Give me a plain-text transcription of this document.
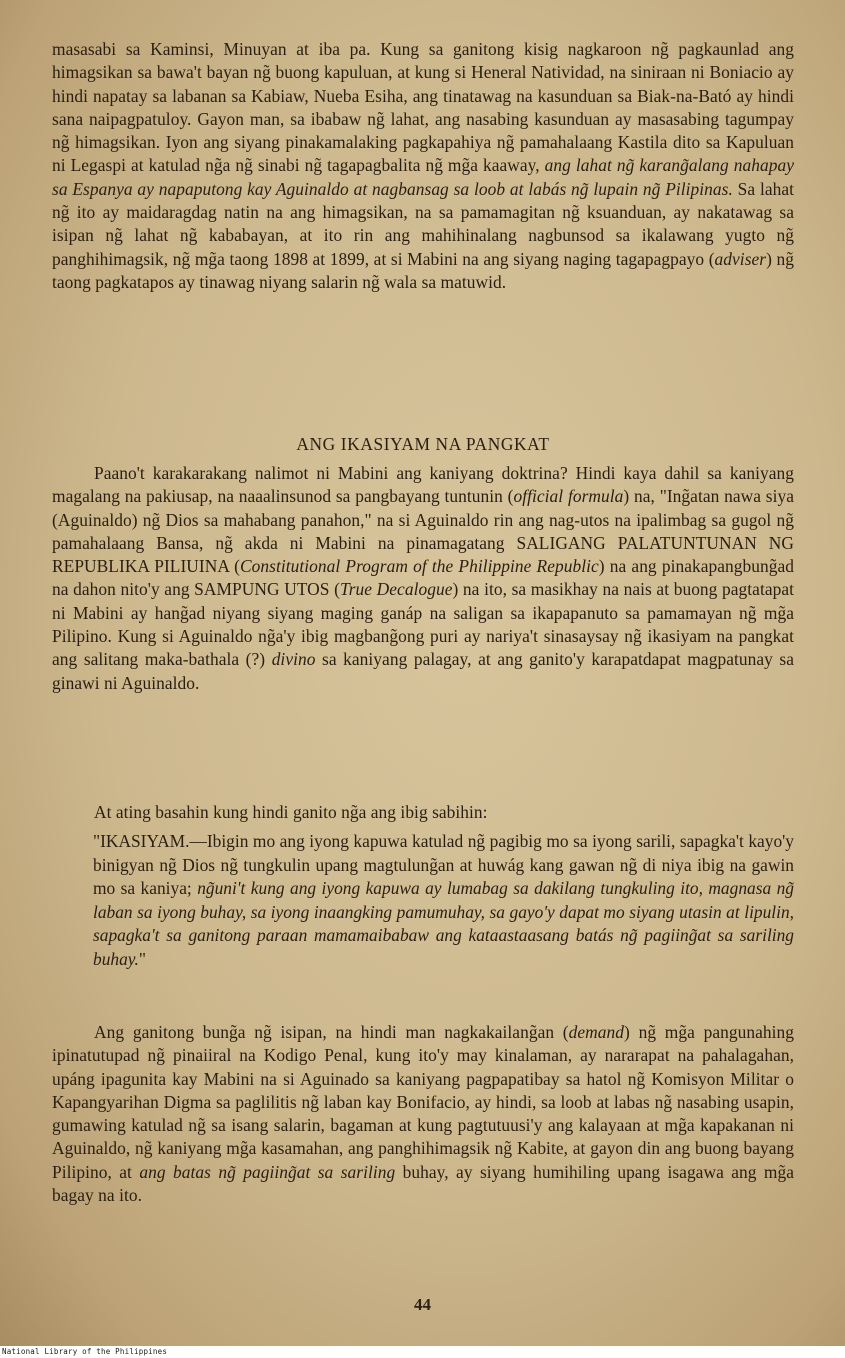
masasabi sa Kaminsi, Minuyan at iba pa. Kung sa ganitong kisig nagkaroon ng̃ pagkaunlad ang himagsikan sa bawa't bayan ng̃ buong kapuluan, at kung si Heneral Natividad, na siniraan ni Boniacio ay hindi napatay sa labanan sa Kabiaw, Nueba Esiha, ang tinatawag na kasunduan sa Biak-na-Bató ay hindi sana naipagpatuloy. Gayon man, sa ibabaw ng̃ lahat, ang nasabing kasunduan ay masasabing tagumpay ng̃ himagsikan. Iyon ang siyang pinakamalaking pagkapahiya ng̃ pamahalaang Kastila dito sa Kapuluan ni Legaspi at katulad ng̃a ng̃ sinabi ng̃ tagapagbalita ng̃ mg̃a kaaway, ang lahat ng̃ karang̃alang nahapay sa Espanya ay napaputong kay Aguinaldo at nagbansag sa loob at labás ng̃ lupain ng̃ Pilipinas. Sa lahat ng̃ ito ay maidaragdag natin na ang himagsikan, na sa pamamagitan ng̃ ksuanduan, ay nakatawag sa isipan ng̃ lahat ng̃ kababayan, at ito rin ang mahihinalang nagbunsod sa ikalawang yugto ng̃ panghihimagsik, ng̃ mg̃a taong 1898 at 1899, at si Mabini na ang siyang naging tagapagpayo (adviser) ng̃ taong pagkatapos ay tinawag niyang salarin ng̃ wala sa matuwid.
ANG IKASIYAM NA PANGKAT
Paano't karakarakang nalimot ni Mabini ang kaniyang doktrina? Hindi kaya dahil sa kaniyang magalang na pakiusap, na naaalinsunod sa pangbayang tuntunin (official formula) na, "Ing̃atan nawa siya (Aguinaldo) ng̃ Dios sa mahabang panahon," na si Aguinaldo rin ang nag-utos na ipalimbag sa gugol ng̃ pamahalaang Bansa, ng̃ akda ni Mabini na pinamagatang SALIGANG PALATUNTUNAN NG REPUBLIKA PILIUINA (Constitutional Program of the Philippine Republic) na ang pinakapangbung̃ad na dahon nito'y ang SAMPUNG UTOS (True Decalogue) na ito, sa masikhay na nais at buong pagtatapat ni Mabini ay hang̃ad niyang siyang maging ganáp na saligan sa ikapapanuto sa pamamayan ng̃ mg̃a Pilipino. Kung si Aguinaldo ng̃a'y ibig magbang̃ong puri ay nariya't sinasaysay ng̃ ikasiyam na pangkat ang salitang maka-bathala (?) divino sa kaniyang palagay, at ang ganito'y karapatdapat magpatunay sa ginawi ni Aguinaldo.
At ating basahin kung hindi ganito ng̃a ang ibig sabihin:
"IKASIYAM.—Ibigin mo ang iyong kapuwa katulad ng̃ pagibig mo sa iyong sarili, sapagka't kayo'y binigyan ng̃ Dios ng̃ tungkulin upang magtulung̃an at huwág kang gawan ng̃ di niya ibig na gawin mo sa kaniya; ng̃uni't kung ang iyong kapuwa ay lumabag sa dakilang tungkuling ito, magnasa ng̃ laban sa iyong buhay, sa iyong inaangking pamumuhay, sa gayo'y dapat mo siyang utasin at lipulin, sapagka't sa ganitong paraan mamamaibabaw ang kataastaasang batás ng̃ pagiing̃at sa sariling buhay."
Ang ganitong bung̃a ng̃ isipan, na hindi man nagkakailang̃an (demand) ng̃ mg̃a pangunahing ipinatutupad ng̃ pinaiiral na Kodigo Penal, kung ito'y may kinalaman, ay nararapat na pahalagahan, upáng ipagunita kay Mabini na si Aguinado sa kaniyang pagpapatibay sa hatol ng̃ Komisyon Militar o Kapangyarihan Digma sa paglilitis ng̃ laban kay Bonifacio, ay hindi, sa loob at labas ng̃ nasabing usapin, gumawing katulad ng̃ sa isang salarin, bagaman at kung pagtutuusi'y ang kalayaan at mg̃a kapakanan ni Aguinaldo, ng̃ kaniyang mg̃a kasamahan, ang panghihimagsik ng̃ Kabite, at gayon din ang buong bayang Pilipino, at ang batas ng̃ pagiing̃at sa sariling buhay, ay siyang humihiling upang isagawa ang mg̃a bagay na ito.
44
National Library of the Philippines
